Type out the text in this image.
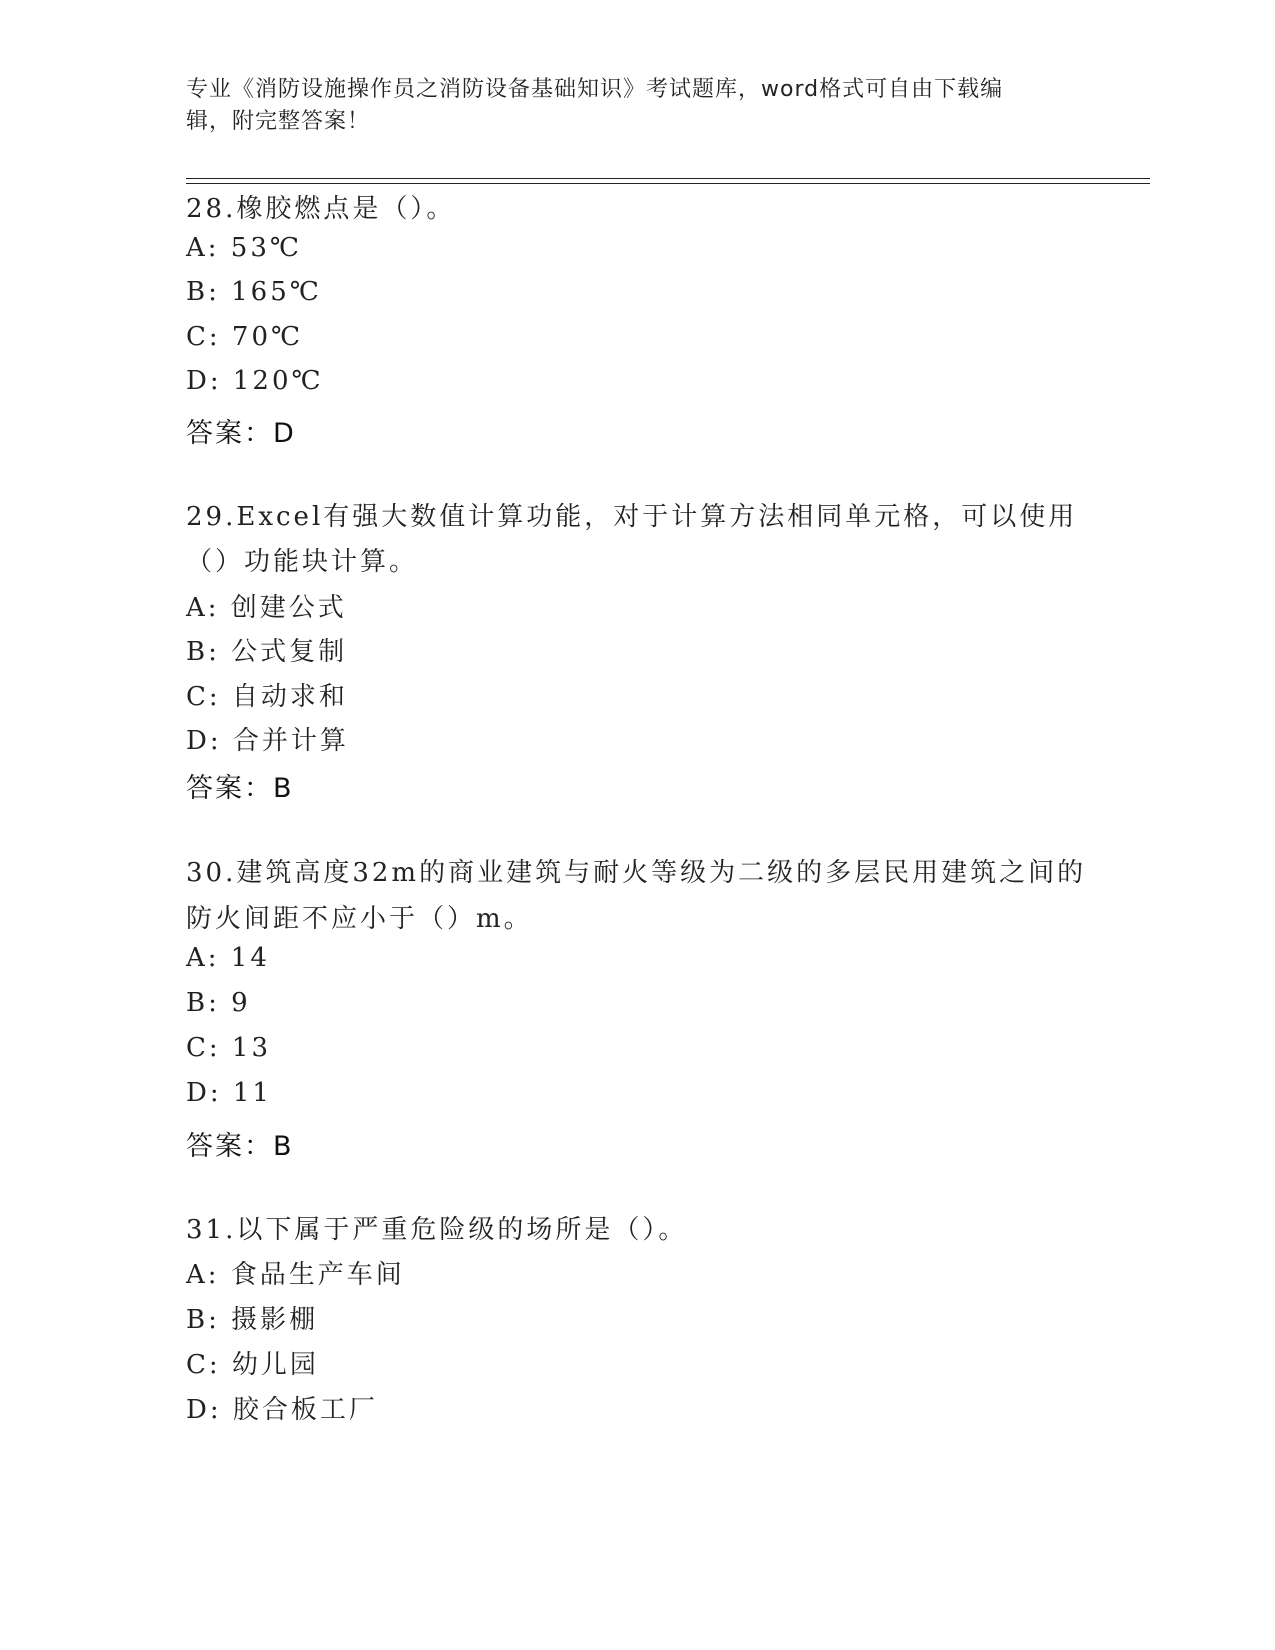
专业《消防设施操作员之消防设备基础知识》考试题库，word格式可自由下载编
辑，附完整答案！
28.橡胶燃点是（）。
A: 53℃
B: 165℃
C: 70℃
D: 120℃
答案：D
29.Excel有强大数值计算功能，对于计算方法相同单元格，可以使用
（）功能块计算。
A: 创建公式
B: 公式复制
C: 自动求和
D: 合并计算
答案：B
30.建筑高度32m的商业建筑与耐火等级为二级的多层民用建筑之间的
防火间距不应小于（）m。
A: 14
B: 9
C: 13
D: 11
答案：B
31.以下属于严重危险级的场所是（）。
A: 食品生产车间
B: 摄影棚
C: 幼儿园
D: 胶合板工厂
